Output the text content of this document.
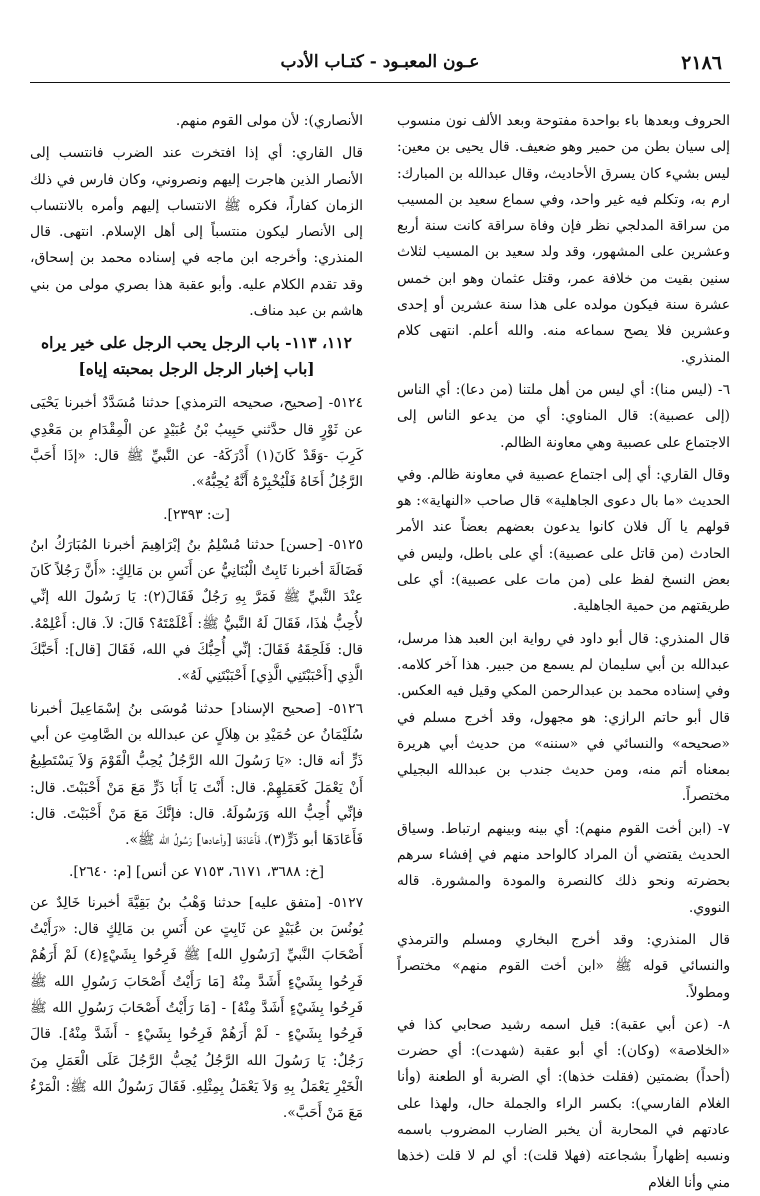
٢١٨٦
عـون المعبـود - كتـاب الأدب

الحروف وبعدها باء بواحدة مفتوحة وبعد الألف نون منسوب إلى سيان بطن من حمير وهو ضعيف. قال يحيى بن معين: ليس بشيء كان يسرق الأحاديث، وقال عبدالله بن المبارك: ارم به، وتكلم فيه غير واحد، وفي سماع سعيد بن المسيب من سراقة المدلجي نظر فإن وفاة سراقة كانت سنة أربع وعشرين على المشهور، وقد ولد سعيد بن المسيب لثلاث سنين بقيت من خلافة عمر، وقتل عثمان وهو ابن خمس عشرة سنة فيكون مولده على هذا سنة عشرين أو إحدى وعشرين فلا يصح سماعه منه. والله أعلم. انتهى كلام المنذري.

٦- (ليس منا): أي ليس من أهل ملتنا (من دعا): أي الناس (إلى عصبية): قال المناوي: أي من يدعو الناس إلى الاجتماع على عصبية وهي معاونة الظالم.

وقال القاري: أي إلى اجتماع عصبية في معاونة ظالم. وفي الحديث «ما بال دعوى الجاهلية» قال صاحب «النهاية»: هو قولهم يا آل فلان كانوا يدعون بعضهم بعضاً عند الأمر الحادث (من قاتل على عصبية): أي على باطل، وليس في بعض النسخ لفظ على (من مات على عصبية): أي على طريقتهم من حمية الجاهلية.

قال المنذري: قال أبو داود في رواية ابن العبد هذا مرسل، عبدالله بن أبي سليمان لم يسمع من جبير. هذا آخر كلامه. وفي إسناده محمد بن عبدالرحمن المكي وقيل فيه العكس. قال أبو حاتم الرازي: هو مجهول، وقد أخرج مسلم في «صحيحه» والنسائي في «سننه» من حديث أبي هريرة بمعناه أتم منه، ومن حديث جندب بن عبدالله البجيلي مختصراً.

٧- (ابن أخت القوم منهم): أي بينه وبينهم ارتباط. وسياق الحديث يقتضي أن المراد كالواحد منهم في إفشاء سرهم بحضرته ونحو ذلك كالنصرة والمودة والمشورة. قاله النووي.

قال المنذري: وقد أخرج البخاري ومسلم والترمذي والنسائي قوله ﷺ «ابن أخت القوم منهم» مختصراً ومطولاً.

٨- (عن أبي عقبة): قيل اسمه رشيد صحابي كذا في «الخلاصة» (وكان): أي أبو عقبة (شهدت): أي حضرت (أحداً) بضمتين (فقلت خذها): أي الضربة أو الطعنة (وأنا الغلام الفارسي): بكسر الراء والجملة حال، ولهذا على عادتهم في المحاربة أن يخبر الضارب المضروب باسمه ونسبه إظهاراً بشجاعته (فهلا قلت): أي لم لا قلت (خذها مني وأنا الغلام

الأنصاري): لأن مولى القوم منهم.

قال القاري: أي إذا افتخرت عند الضرب فانتسب إلى الأنصار الذين هاجرت إليهم ونصروني، وكان فارس في ذلك الزمان كفاراً، فكره ﷺ الانتساب إليهم وأمره بالانتساب إلى الأنصار ليكون منتسباً إلى أهل الإسلام. انتهى. قال المنذري: وأخرجه ابن ماجه في إسناده محمد بن إسحاق، وقد تقدم الكلام عليه. وأبو عقبة هذا بصري مولى من بني هاشم بن عبد مناف.

١١٢، ١١٣- باب الرجل يحب الرجل على خير يراه [باب إخبار الرجل الرجل بمحبته إياه]

٥١٢٤- [صحيح، صحيحه الترمذي] حدثنا مُسَدَّدٌ أخبرنا يَحْيَى عن ثَوْرٍ قال حدَّثني حَبِيبُ بْنُ عُبَيْدٍ عن الْمِقْدَامِ بن مَعْدِي كَرِبَ -وَقَدْ كَانَ(١) أَدْرَكَهُ- عن النَّبيِّ ﷺ قال: «إذَا أَحَبَّ الرَّجُلُ أَخَاهُ فَلْيُخْبِرْهُ أَنَّهُ يُحِبُّهُ».

[ت: ٢٣٩٣].

٥١٢٥- [حسن] حدثنا مُسْلِمُ بنُ إبْرَاهِيمَ أخبرنا المُبَارَكُ ابنُ فَضَالَةَ أخبرنا ثَابِتٌ الْبُنَانِيُّ عن أَنَسِ بن مَالِكٍ: «أَنَّ رَجُلاً كَانَ عِنْدَ النَّبيِّ ﷺ فَمَرَّ بِهِ رَجُلٌ فَقَالَ(٢): يَا رَسُولَ الله إنِّي لأُحِبُّ هٰذَا، فَقَالَ لَهُ النَّبيُّ ﷺ: أَعْلَمْتَهُ؟ قَالَ: لاَ. قال: أَعْلِمْهُ. قال: فَلَحِقَهُ فَقَالَ: إنِّي أُحِبُّكَ في الله، فَقَالَ [قال]: أَحَبَّكَ الَّذِي [أَحْبَبْتَنِي الَّذِي] أَحْبَبْتَنِي لَهُ».

٥١٢٦- [صحيح الإسناد] حدثنا مُوسَى بنُ إسْمَاعِيلَ أخبرنا سُلَيْمَانُ عن حُمَيْدِ بن هِلاَلٍ عن عبدالله بن الصَّامِتِ عن أبي ذَرٍّ أنه قال: «يَا رَسُولَ الله الرَّجُلُ يُحِبُّ الْقَوْمَ وَلاَ يَسْتَطِيعُ أَنْ يَعْمَلَ كَعَمَلِهِمْ. قال: أَنْتَ يَا أَبَا ذَرٍّ مَعَ مَنْ أَحْبَبْتَ. قال: فإنِّي أُحِبُّ الله وَرَسُولَهُ. قال: فإنَّكَ مَعَ مَنْ أَحْبَبْتَ. قال: فَأَعَادَهَا أبو ذَرٍّ(٣)، فَأَعَادَهَا [وأعادها] رَسُولُ الله ﷺ».

[خ: ٣٦٨٨، ٦١٧١، ٧١٥٣ عن أنس] [م: ٢٦٤٠].

٥١٢٧- [متفق عليه] حدثنا وَهْبُ بنُ بَقِيَّةَ أخبرنا خَالِدٌ عن يُونُسَ بن عُبَيْدٍ عن ثَابِتٍ عن أَنَسِ بن مَالِكٍ قال: «رَأَيْتُ أَصْحَابَ النَّبيِّ [رَسُولِ الله] ﷺ فَرِحُوا بِشَيْءٍ(٤) لَمْ أَرَهُمْ فَرِحُوا بِشَيْءٍ أَشَدَّ مِنْهُ [مَا رَأَيْتُ أَصْحَابَ رَسُولِ الله ﷺ فَرِحُوا بِشَيْءٍ أَشَدَّ مِنْهُ] - [مَا رَأَيْتُ أَصْحَابَ رَسُولِ الله ﷺ فَرِحُوا بِشَيْءٍ - لَمْ أَرَهُمْ فَرِحُوا بِشَيْءٍ - أَشَدَّ مِنْهُ]. قالَ رَجُلٌ: يَا رَسُولَ الله الرَّجُلُ يُحِبُّ الرَّجُلَ عَلَى الْعَمَلِ مِنَ الْخَيْرِ يَعْمَلُ بِهِ وَلاَ يَعْمَلُ بِمِثْلِهِ. فَقَالَ رَسُولُ الله ﷺ: الْمَرْءُ مَعَ مَنْ أَحَبَّ».
